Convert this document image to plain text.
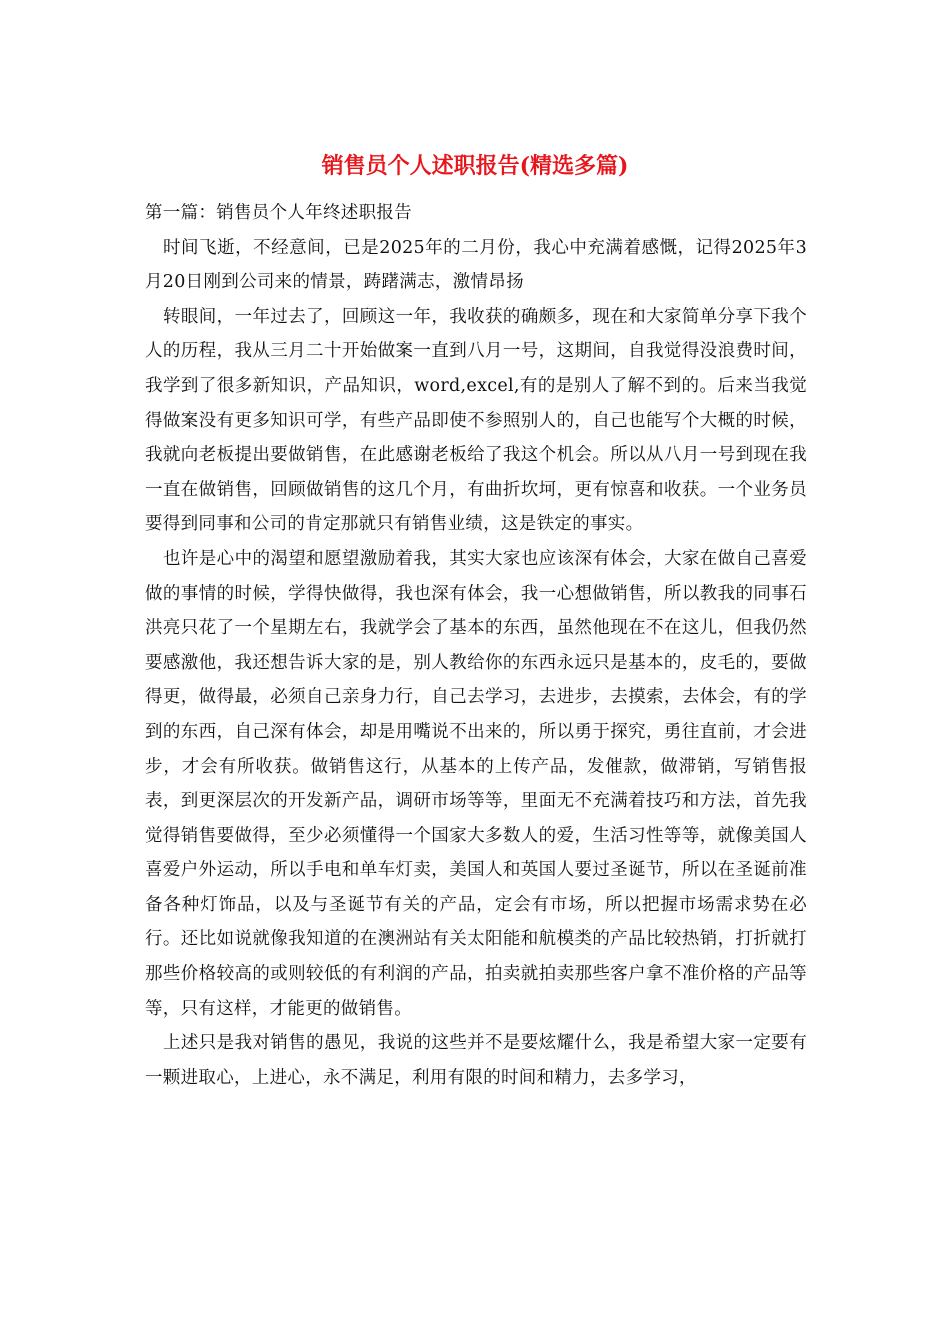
销售员个人述职报告(精选多篇)

第一篇：销售员个人年终述职报告

时间飞逝，不经意间，已是2025年的二月份，我心中充满着感慨，记得2025年3月20日刚到公司来的情景，踌躇满志，激情昂扬

转眼间，一年过去了，回顾这一年，我收获的确颇多，现在和大家简单分享下我个人的历程，我从三月二十开始做案一直到八月一号，这期间，自我觉得没浪费时间，我学到了很多新知识，产品知识，word,excel,有的是别人了解不到的。后来当我觉得做案没有更多知识可学，有些产品即使不参照别人的，自己也能写个大概的时候，我就向老板提出要做销售，在此感谢老板给了我这个机会。所以从八月一号到现在我一直在做销售，回顾做销售的这几个月，有曲折坎坷，更有惊喜和收获。一个业务员要得到同事和公司的肯定那就只有销售业绩，这是铁定的事实。

也许是心中的渴望和愿望激励着我，其实大家也应该深有体会，大家在做自己喜爱做的事情的时候，学得快做得，我也深有体会，我一心想做销售，所以教我的同事石洪亮只花了一个星期左右，我就学会了基本的东西，虽然他现在不在这儿，但我仍然要感激他，我还想告诉大家的是，别人教给你的东西永远只是基本的，皮毛的，要做得更，做得最，必须自己亲身力行，自己去学习，去进步，去摸索，去体会，有的学到的东西，自己深有体会，却是用嘴说不出来的，所以勇于探究，勇往直前，才会进步，才会有所收获。做销售这行，从基本的上传产品，发催款，做滞销，写销售报表，到更深层次的开发新产品，调研市场等等，里面无不充满着技巧和方法，首先我觉得销售要做得，至少必须懂得一个国家大多数人的爱，生活习性等等，就像美国人喜爱户外运动，所以手电和单车灯卖，美国人和英国人要过圣诞节，所以在圣诞前准备各种灯饰品，以及与圣诞节有关的产品，定会有市场，所以把握市场需求势在必行。还比如说就像我知道的在澳洲站有关太阳能和航模类的产品比较热销，打折就打那些价格较高的或则较低的有利润的产品，拍卖就拍卖那些客户拿不准价格的产品等等，只有这样，才能更的做销售。

上述只是我对销售的愚见，我说的这些并不是要炫耀什么，我是希望大家一定要有一颗进取心，上进心，永不满足，利用有限的时间和精力，去多学习，
